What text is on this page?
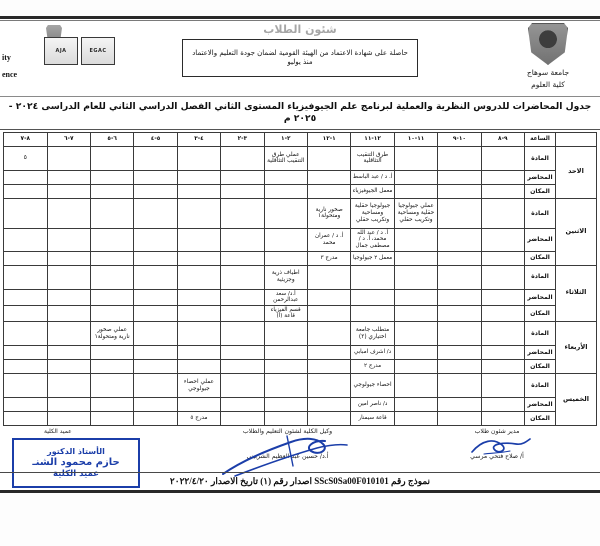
ity
ence
EGAC
AJA
شئون الطلاب
حاصلة على شهادة الاعتماد من الهيئة القومية لضمان جودة التعليم والاعتماد منذ يوليو
جامعة سوهاج
كلية العلوم
جدول المحاضرات للدروس النظرية والعملية لبرنامج علم الجيوفيزياء المستوى الثاني الفصل الدراسي الثاني للعام الدراسى ٢٠٢٤ - ٢٠٢٥ م
	الساعة	٩-٨	١٠-٩	١١-١٠	١٢-١١	١-١٢	٢-١	٣-٢	٤-٣	٥-٤	٦-٥	٧-٦	٨-٧
الاحد	المادة				طرق التنقيب التثاقلية		عملي طرق التنقيب التثاقلية						٥
	المحاضر				أ. د / عبد الباسط								
	المكان				معمل الجيوفيزياء								
الاثنين	المادة			عملي جيولوجيا حقلية ومساحية وتكريب حقلي	جيولوجيا حقلية ومساحية وتكريب حقلي	صخور نارية ومتحولة١							
	المحاضر				أ. د / عبد الله محمد، أ. د / مصطفى جمال	أ. د / عمران محمد							
	المكان				معمل ٢ جيولوجيا	مدرج ٣							
الثلاثاء	المادة						اطياف ذرية وجزيئية						
	المحاضر						أ.د/ سعد عبدالرحمن						
	المكان						قسم الفيزياء قاعة (أ)						
الأربعاء	المادة				متطلب جامعة اختياري (٢)						عملي صخور نارية ومتحولة١		
	المحاضر				د/ اشرف امبابي								
	المكان				مدرج ٢								
الخميس	المادة				احصاء جيولوجي				عملي احصاء جيولوجي				
	المحاضر				د/ ناصر امين								
	المكان				قاعة سيمنار				مدرج ٥				
مدير شئون طلاب
أ/ صلاح فتحي مرسي
وكيل الكلية لشئون التعليم والطلاب
أ.د/ حسين عبد العظيم الشربيني
عميد الكلية
الأستاذ الدكتور
حازم محمود الشنـ
عميد الكلية
نموذج رقم SScS0Sa00F010101 اصدار رقم (١) تاريخ الاصدار ٢٠٢٢/٤/٢٠
